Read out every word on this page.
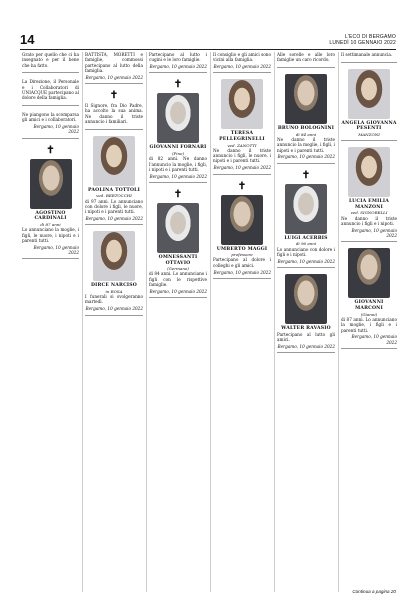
14	L'ECO DI BERGAMO
LUNEDÌ 10 GENNAIO 2022

Grato per quello che ci ha insegnato e per il bene che ha fatto.

La Direzione, il Personale e i Collaboratori di UNIACQUE partecipano al dolore della famiglia.

Ne piangono la scomparsa gli amici e i collaboratori.

Bergamo, 10 gennaio 2022
✝
AGOSTINO CARDINALI
di 87 anni

Lo annunciano la moglie, i figli, le nuore, i nipoti e i parenti tutti.

Bergamo, 10 gennaio 2022

BATTISTA, MORETTI e famiglie, commossi partecipano al lutto della famiglia.

Bergamo, 10 gennaio 2022
✝

Il Signore, fra Dio Padre, ha accolto la sua anima. Ne danno il triste annuncio i familiari.

PAOLINA TOTTOLI
ved. BERTOCCHI

di 97 anni. Lo annunciano con dolore i figli, le nuore, i nipoti e i parenti tutti.

Bergamo, 10 gennaio 2022
DIRCE NARCISO
in ROSA

I funerali si svolgeranno martedì.

Bergamo, 10 gennaio 2022

Partecipano al lutto i cugini e le loro famiglie.

Bergamo, 10 gennaio 2022
✝
GIOVANNI FORNARI
(Pino)

di 82 anni. Ne danno l'annuncio la moglie, i figli, i nipoti e i parenti tutti.

Bergamo, 10 gennaio 2022
✝
OMNESSANTI OTTAVIO
(Germano)

di 84 anni. Lo annunciano i figli con le rispettive famiglie.

Bergamo, 10 gennaio 2022

Il consiglio e gli amici sono vicini alla famiglia.

Bergamo, 10 gennaio 2022
TERESA PELLEGRINELLI
ved. ZANOTTI

Ne danno il triste annuncio i figli, le nuore, i nipoti e i parenti tutti.

Bergamo, 10 gennaio 2022
✝
UMBERTO MAGGI
professore

Partecipano al dolore i colleghi e gli amici.

Bergamo, 10 gennaio 2022

Alle sorelle e alle loro famiglie un caro ricordo.

BRUNO BOLOGNINI
di 84 anni

Ne danno il triste annuncio la moglie, i figli, i nipoti e i parenti tutti.

Bergamo, 10 gennaio 2022
✝
LUIGI ACERBIS
di 96 anni

Lo annunciano con dolore i figli e i nipoti.

Bergamo, 10 gennaio 2022
WALTER RAVASIO

Partecipano al lutto gli amici.

Bergamo, 10 gennaio 2022

Il settimanale annuncia.

ANGELA GIOVANNA PESENTI
MANZONI
LUCIA EMILIA MANZONI
ved. SIGNORELLI

Ne danno il triste annuncio i figli e i nipoti.

Bergamo, 10 gennaio 2022
GIOVANNI MARCONI
(Gianni)

di 87 anni. Lo annunciano la moglie, i figli e i parenti tutti.

Bergamo, 10 gennaio 2022
Continua a pagina 20
